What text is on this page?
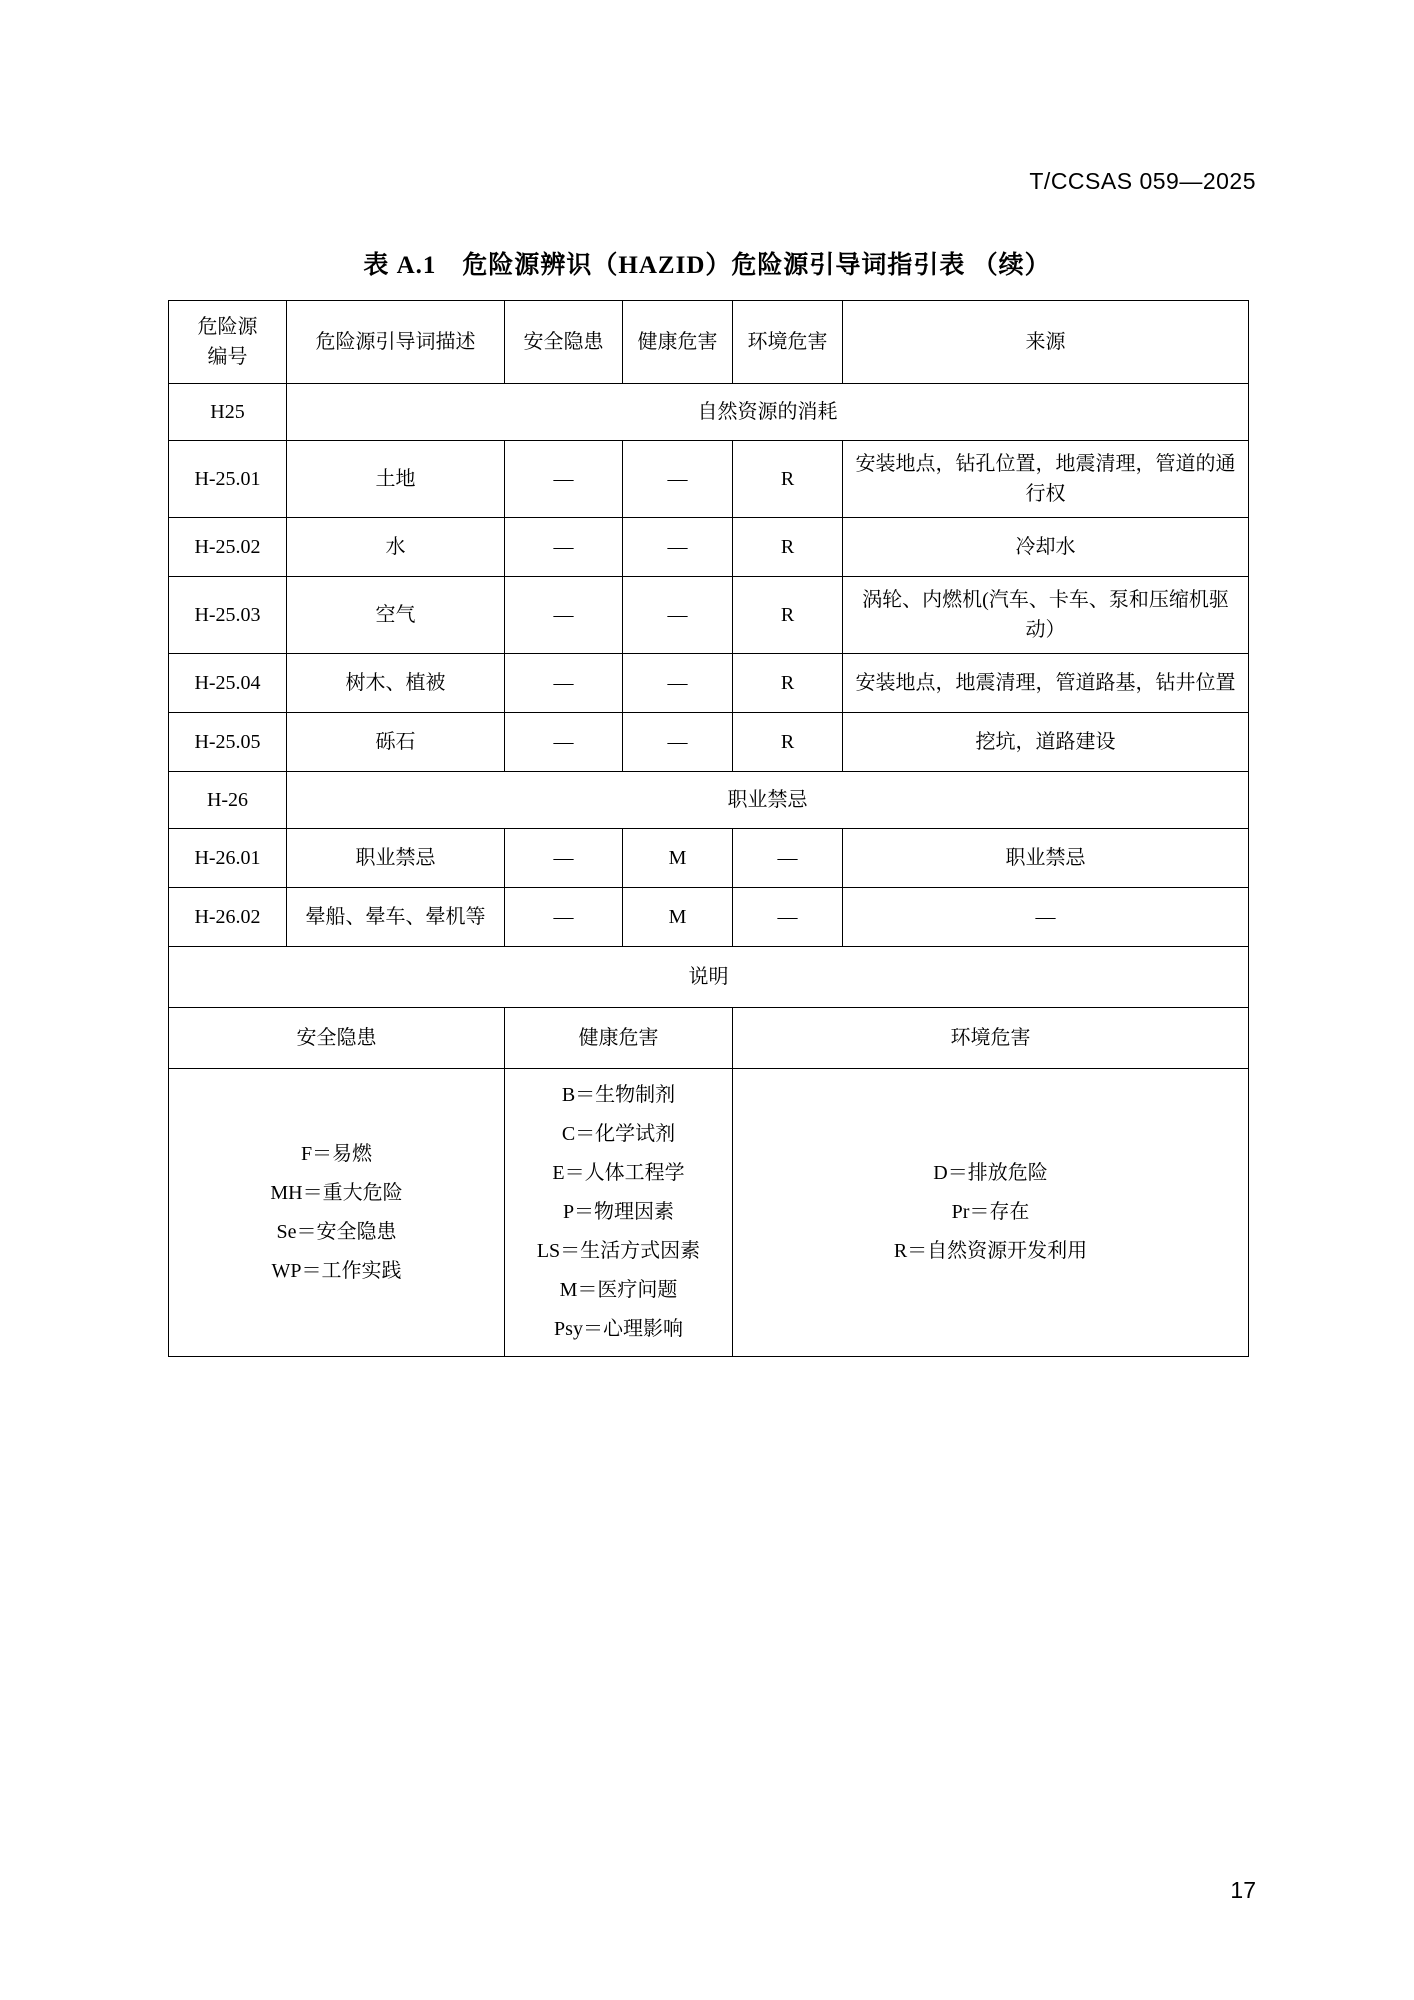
T/CCSAS 059—2025
表 A.1　危险源辨识（HAZID）危险源引导词指引表 （续）
危险源
编号	危险源引导词描述	安全隐患	健康危害	环境危害	来源
H25	自然资源的消耗				
H-25.01	土地	—	—	R	安装地点，钻孔位置，地震清理，管道的通行权
H-25.02	水	—	—	R	冷却水
H-25.03	空气	—	—	R	涡轮、内燃机(汽车、卡车、泵和压缩机驱动）
H-25.04	树木、植被	—	—	R	安装地点，地震清理，管道路基，钻井位置
H-25.05	砾石	—	—	R	挖坑，道路建设
H-26	职业禁忌				
H-26.01	职业禁忌	—	M	—	职业禁忌
H-26.02	晕船、晕车、晕机等	—	M	—	—
说明					
安全隐患		健康危害		环境危害	

F＝易燃
MH＝重大危险
Se＝安全隐患
WP＝工作实践

B＝生物制剂
C＝化学试剂
E＝人体工程学
P＝物理因素
LS＝生活方式因素
M＝医疗问题
Psy＝心理影响

D＝排放危险
Pr＝存在
R＝自然资源开发利用
17
